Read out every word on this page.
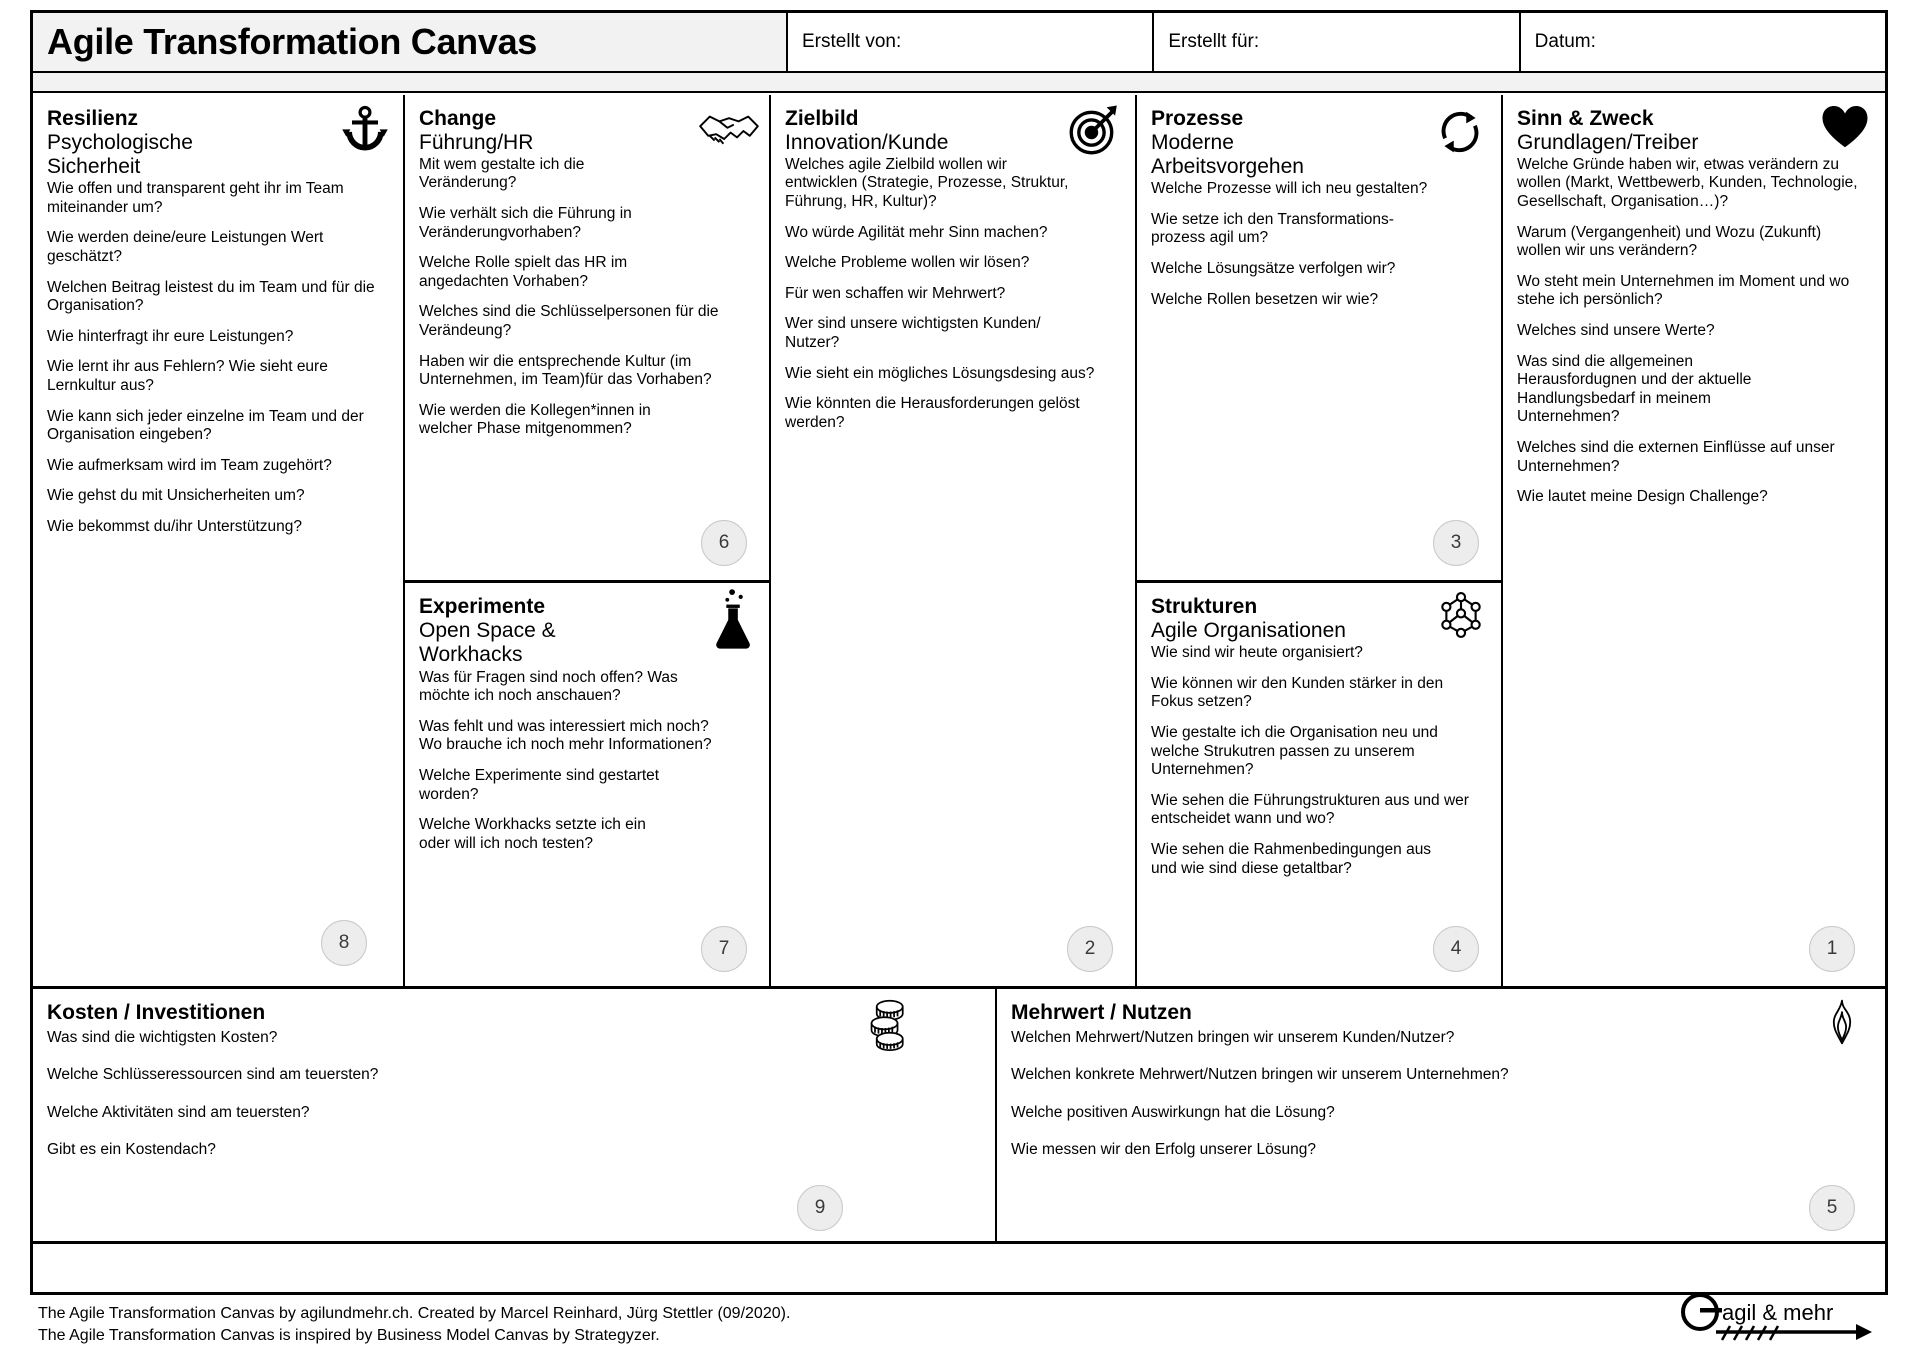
Agile Transformation Canvas	Erstellt von:	Erstellt für:	Datum:
Resilienz
Psychologische Sicherheit
Wie offen und transparent geht ihr im Team miteinander um?
Wie werden deine/eure Leistungen Wert geschätzt?
Welchen Beitrag leistest du im Team und für die Organisation?
Wie hinterfragt ihr eure Leistungen?
Wie lernt ihr aus Fehlern? Wie sieht eure Lernkultur aus?
Wie kann sich jeder einzelne im Team und der Organisation eingeben?
Wie aufmerksam wird im Team zugehört?
Wie gehst du mit Unsicherheiten um?
Wie bekommst du/ihr Unterstützung?
8
Change
Führung/HR
Mit wem gestalte ich die Veränderung?
Wie verhält sich die Führung in Veränderungvorhaben?
Welche Rolle spielt das HR im angedachten Vorhaben?
Welches sind die Schlüsselpersonen für die Verändeung?
Haben wir die entsprechende Kultur (im Unternehmen, im Team)für das Vorhaben?
Wie werden die Kollegen*innen in welcher Phase mitgenommen?
6
Experimente
Open Space & Workhacks
Was für Fragen sind noch offen? Was möchte ich noch anschauen?
Was fehlt und was interessiert mich noch? Wo brauche ich noch mehr Informationen?
Welche Experimente sind gestartet worden?
Welche Workhacks setzte ich ein oder will ich noch testen?
7
Zielbild
Innovation/Kunde
Welches agile Zielbild wollen wir entwicklen (Strategie, Prozesse, Struktur, Führung, HR, Kultur)?
Wo würde Agilität mehr Sinn machen?
Welche Probleme wollen wir lösen?
Für wen schaffen wir Mehrwert?
Wer sind unsere wichtigsten Kunden/ Nutzer?
Wie sieht ein mögliches Lösungsdesing aus?
Wie könnten die Herausforderungen gelöst werden?
2
Prozesse
Moderne Arbeitsvorgehen
Welche Prozesse will ich neu gestalten?
Wie setze ich den Transformations- prozess agil um?
Welche Lösungsätze verfolgen wir?
Welche Rollen besetzen wir wie?
3
Strukturen
Agile Organisationen
Wie sind wir heute organisiert?
Wie können wir den Kunden stärker in den Fokus setzen?
Wie gestalte ich die Organisation neu und welche Strukutren passen zu unserem Unternehmen?
Wie sehen die Führungstrukturen aus und wer entscheidet wann und wo?
Wie sehen die Rahmenbedingungen aus und wie sind diese getaltbar?
4
Sinn & Zweck
Grundlagen/Treiber
Welche Gründe haben wir, etwas verändern zu wollen (Markt, Wettbewerb, Kunden, Technologie, Gesellschaft, Organisation…)?
Warum (Vergangenheit) und Wozu (Zukunft) wollen wir uns verändern?
Wo steht mein Unternehmen im Moment und wo stehe ich persönlich?
Welches sind unsere Werte?
Was sind die allgemeinen Herausfordugnen und der aktuelle Handlungsbedarf in meinem Unternehmen?
Welches sind die externen Einflüsse auf unser Unternehmen?
Wie lautet meine Design Challenge?
1
Kosten / Investitionen
Was sind die wichtigsten Kosten?
Welche Schlüsseressourcen sind am teuersten?
Welche Aktivitäten sind am teuersten?
Gibt es ein Kostendach?
9
Mehrwert / Nutzen
Welchen Mehrwert/Nutzen bringen wir unserem Kunden/Nutzer?
Welchen konkrete Mehrwert/Nutzen bringen wir unserem Unternehmen?
Welche positiven Auswirkungn hat die Lösung?
Wie messen wir den Erfolg unserer Lösung?
5
The Agile Transformation Canvas by agilundmehr.ch. Created by Marcel Reinhard, Jürg Stettler (09/2020).
The Agile Transformation Canvas is inspired by Business Model Canvas by Strategyzer.
agil & mehr
